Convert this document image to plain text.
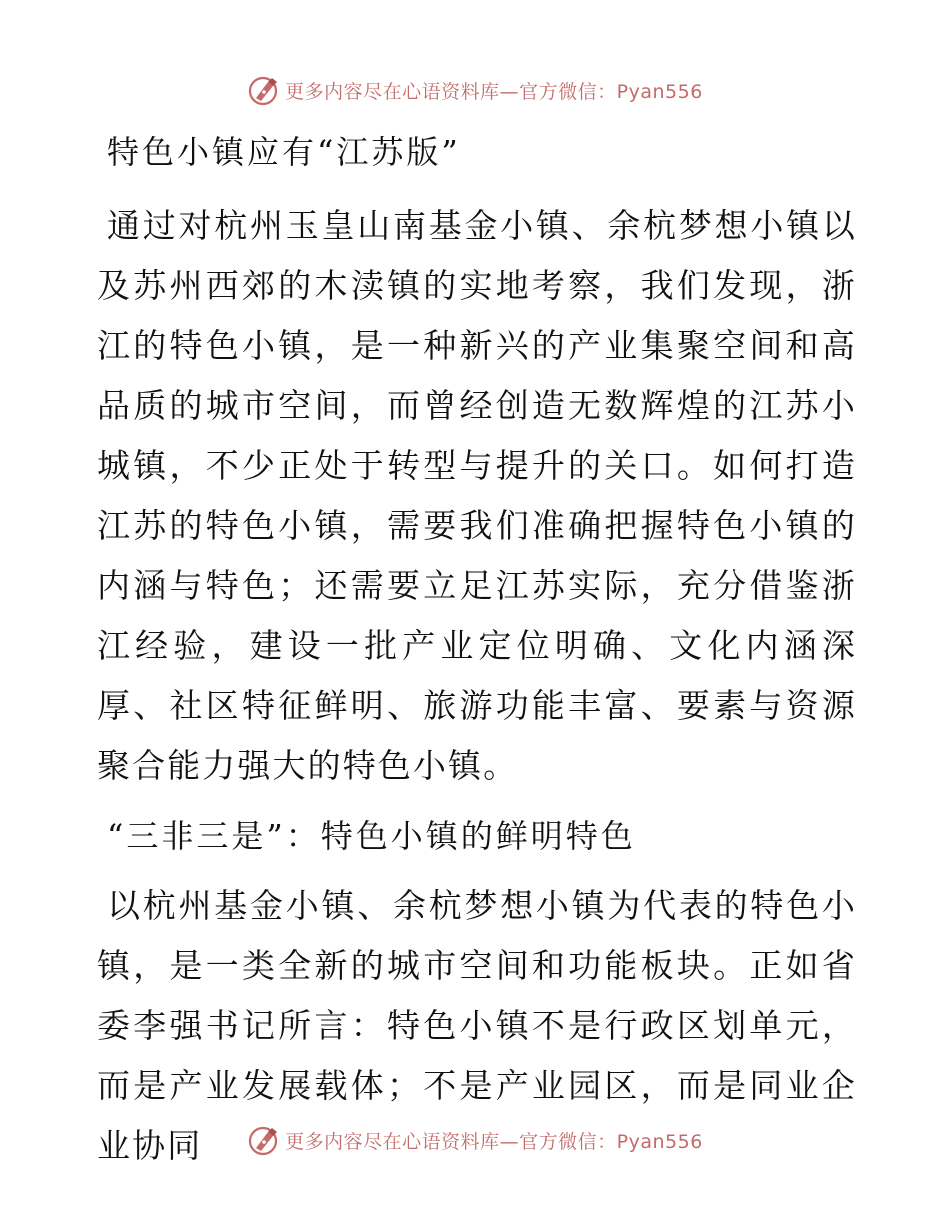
更多内容尽在心语资料库—官方微信：Pyan556

特色小镇应有“江苏版”

通过对杭州玉皇山南基金小镇、余杭梦想小镇以及苏州西郊的木渎镇的实地考察，我们发现，浙江的特色小镇，是一种新兴的产业集聚空间和高品质的城市空间，而曾经创造无数辉煌的江苏小城镇，不少正处于转型与提升的关口。如何打造江苏的特色小镇，需要我们准确把握特色小镇的内涵与特色；还需要立足江苏实际，充分借鉴浙江经验，建设一批产业定位明确、文化内涵深厚、社区特征鲜明、旅游功能丰富、要素与资源聚合能力强大的特色小镇。

“三非三是”：特色小镇的鲜明特色

以杭州基金小镇、余杭梦想小镇为代表的特色小镇，是一类全新的城市空间和功能板块。正如省委李强书记所言：特色小镇不是行政区划单元，而是产业发展载体；不是产业园区，而是同业企业协同	更多内容尽在心语资料库—官方微信：Pyan556
